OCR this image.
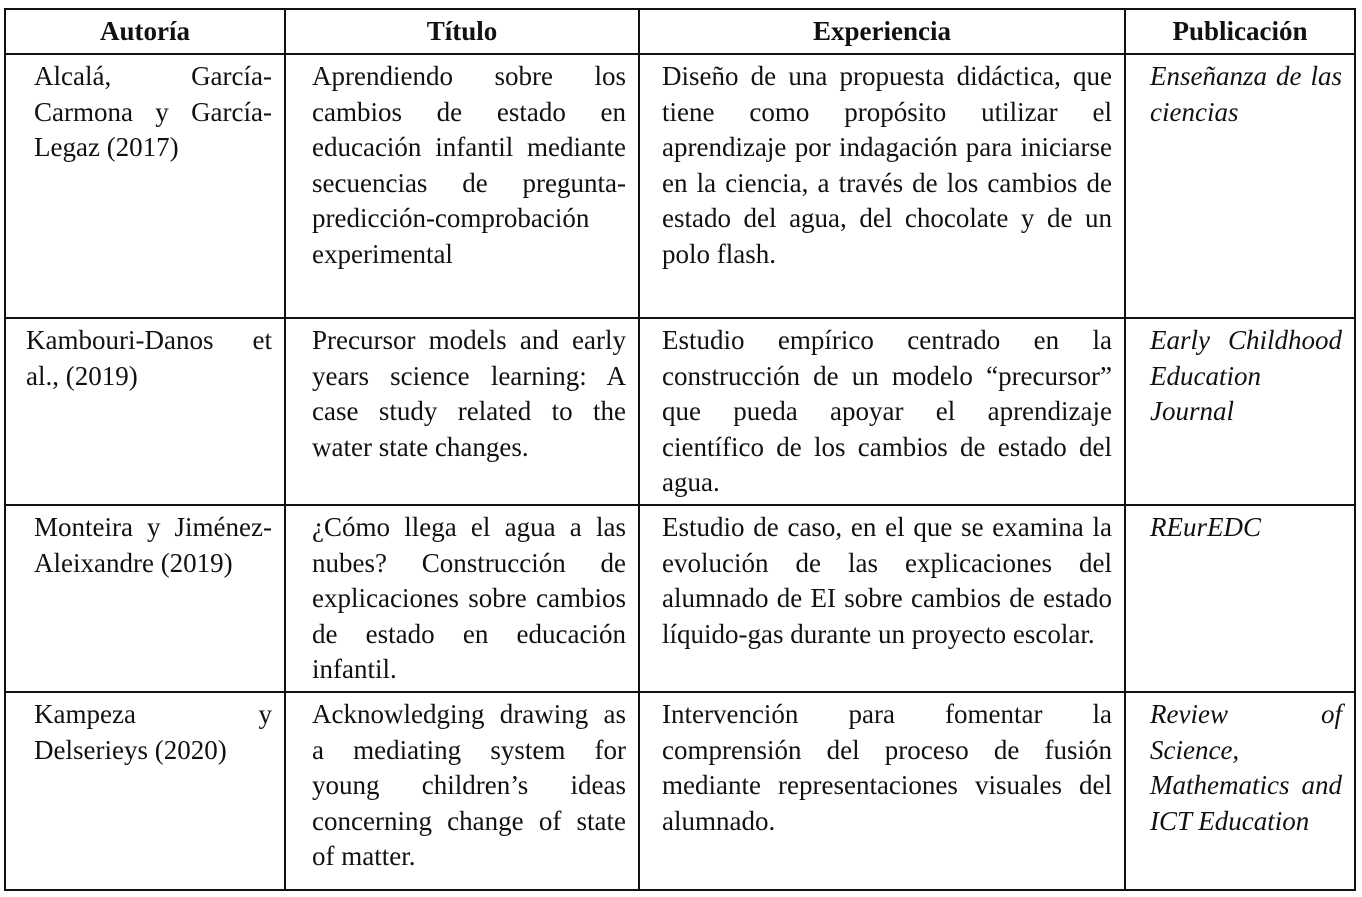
Autoría	Título	Experiencia	Publicación
Alcalá, García-Carmona y García-Legaz (2017)	Aprendiendo sobre los cambios de estado en educación infantil mediante secuencias de pregunta-predicción-comprobación experimental	Diseño de una propuesta didáctica, que tiene como propósito utilizar el aprendizaje por indagación para iniciarse en la ciencia, a través de los cambios de estado del agua, del chocolate y de un polo flash.	Enseñanza de las ciencias
Kambouri-Danos et al., (2019)	Precursor models and early years science learning: A case study related to the water state changes.	Estudio empírico centrado en la construcción de un modelo “precursor” que pueda apoyar el aprendizaje científico de los cambios de estado del agua.	Early Childhood Education Journal
Monteira y Jiménez-Aleixandre (2019)	¿Cómo llega el agua a las nubes? Construcción de explicaciones sobre cambios de estado en educación infantil.	Estudio de caso, en el que se examina la evolución de las explicaciones del alumnado de EI sobre cambios de estado líquido-gas durante un proyecto escolar.	REurEDC
Kampeza y Delserieys (2020)	Acknowledging drawing as a mediating system for young children’s ideas concerning change of state of matter.	Intervención para fomentar la comprensión del proceso de fusión mediante representaciones visuales del alumnado.	Review of Science, Mathematics and ICT Education
